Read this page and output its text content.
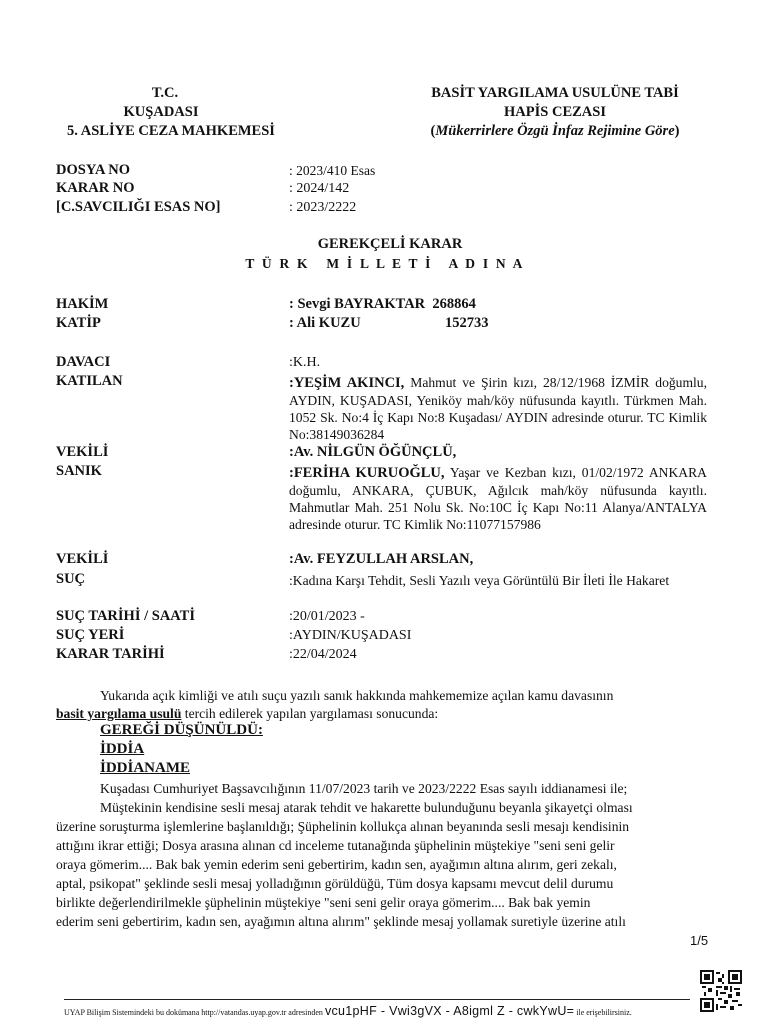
T.C.
KUŞADASI
5. ASLİYE CEZA MAHKEMESİ
BASİT YARGILAMA USULÜNE TABİ
HAPİS CEZASI
(Mükerrirlere Özgü İnfaz Rejimine Göre)
DOSYA NO	: 2023/410 Esas
KARAR NO	: 2024/142
[C.SAVCILIĞI ESAS NO]	: 2023/2222
GEREKÇELİ KARAR
T Ü R K   M İ L L E T İ   A D I N A
HAKİM	: Sevgi BAYRAKTAR  268864
KATİP	: Ali KUZU	152733
DAVACI	:K.H.
KATILAN	:YEŞİM AKINCI, Mahmut ve Şirin kızı, 28/12/1968 İZMİR doğumlu, AYDIN, KUŞADASI, Yeniköy mah/köy nüfusunda kayıtlı. Türkmen Mah. 1052 Sk. No:4 İç Kapı No:8 Kuşadası/ AYDIN adresinde oturur. TC Kimlik No:38149036284
VEKİLİ	:Av. NİLGÜN ÖĞÜNÇLÜ,
SANIK	:FERİHA KURUOĞLU, Yaşar ve Kezban kızı, 01/02/1972 ANKARA doğumlu, ANKARA, ÇUBUK, Ağılcık mah/köy nüfusunda kayıtlı. Mahmutlar Mah. 251 Nolu Sk. No:10C İç Kapı No:11 Alanya/ANTALYA adresinde oturur. TC Kimlik No:11077157986
VEKİLİ	:Av. FEYZULLAH ARSLAN,
SUÇ	:Kadına Karşı Tehdit, Sesli Yazılı veya Görüntülü Bir İleti İle Hakaret
SUÇ TARİHİ / SAATİ	:20/01/2023 -
SUÇ YERİ	:AYDIN/KUŞADASI
KARAR TARİHİ	:22/04/2024
Yukarıda açık kimliği ve atılı suçu yazılı sanık hakkında mahkememize açılan kamu davasının
basit yargılama usulü tercih edilerek yapılan yargılaması sonucunda:
GEREĞİ DÜŞÜNÜLDÜ:
İDDİA
İDDİANAME
Kuşadası Cumhuriyet Başsavcılığının 11/07/2023 tarih ve 2023/2222 Esas sayılı iddianamesi ile;
Müştekinin kendisine sesli mesaj atarak tehdit ve hakarette bulunduğunu beyanla şikayetçi olması
üzerine soruşturma işlemlerine başlanıldığı; Şüphelinin kollukça alınan beyanında sesli mesajı kendisinin
attığını ikrar ettiği; Dosya arasına alınan cd inceleme tutanağında şüphelinin müştekiye "seni seni gelir
oraya gömerim.... Bak bak yemin ederim seni gebertirim, kadın sen, ayağımın altına alırım, geri zekalı,
aptal, psikopat" şeklinde sesli mesaj yolladığının görüldüğü, Tüm dosya kapsamı mevcut delil durumu
birlikte değerlendirilmekle şüphelinin müştekiye "seni seni gelir oraya gömerim.... Bak bak yemin
ederim seni gebertirim, kadın sen, ayağımın altına alırım" şeklinde mesaj yollamak suretiyle üzerine atılı
1/5
UYAP Bilişim Sistemindeki bu dokümana http://vatandas.uyap.gov.tr adresinden vcu1pHF - Vwi3gVX - A8igml Z - cwkYwU= ile erişebilirsiniz.
